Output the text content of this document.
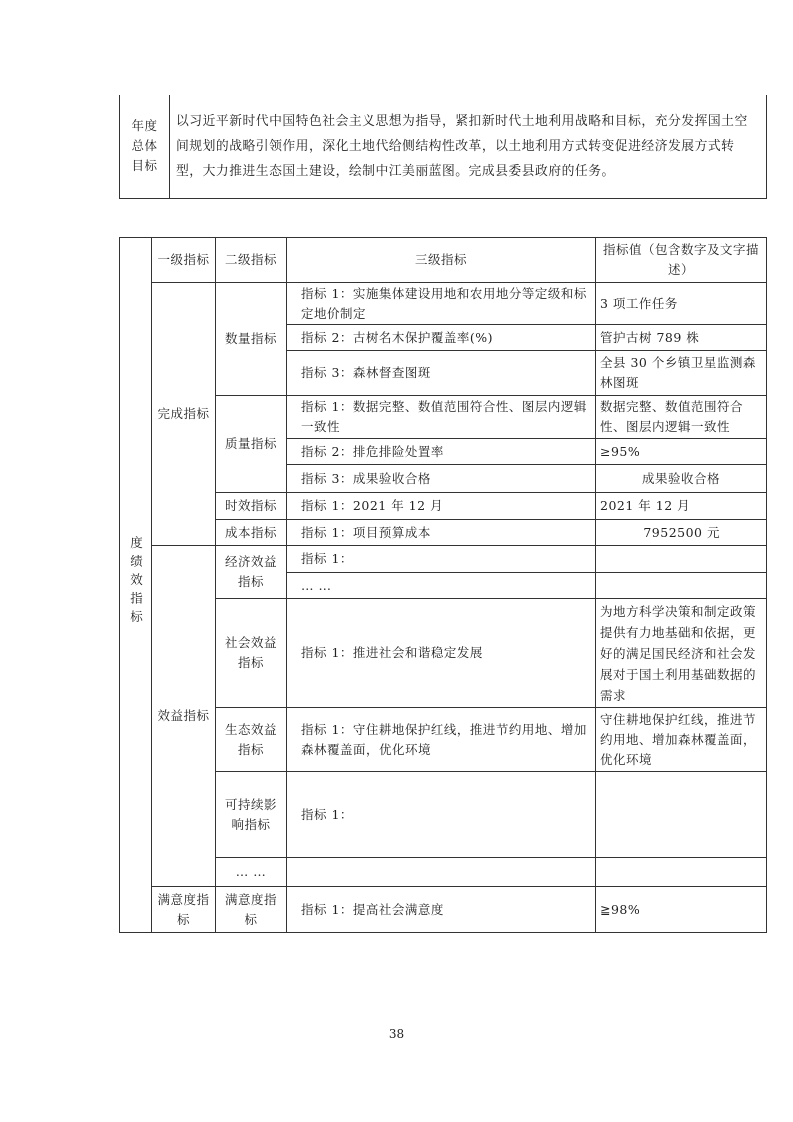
年度
总体
目标	以习近平新时代中国特色社会主义思想为指导，紧扣新时代土地利用战略和目标，充分发挥国土空间规划的战略引领作用，深化土地代给侧结构性改革，以土地利用方式转变促进经济发展方式转型，大力推进生态国土建设，绘制中江美丽蓝图。完成县委县政府的任务。
度绩效指标	一级指标	二级指标	三级指标	指标值（包含数字及文字描述）
	完成指标	数量指标	指标 1：实施集体建设用地和农用地分等定级和标定地价制定	3 项工作任务
			指标 2：古树名木保护覆盖率(%)	管护古树 789 株
			指标 3：森林督查图斑	全县 30 个乡镇卫星监测森林图斑
		质量指标	指标 1：数据完整、数值范围符合性、图层内逻辑一致性	数据完整、数值范围符合性、图层内逻辑一致性
			指标 2：排危排险处置率	≥95%
			指标 3：成果验收合格	成果验收合格
		时效指标	指标 1：2021 年 12 月	2021 年 12 月
		成本指标	指标 1：项目预算成本	7952500 元
	效益指标	经济效益指标	指标 1：	
			… …	
		社会效益指标	指标 1：推进社会和谐稳定发展	为地方科学决策和制定政策提供有力地基础和依据，更好的满足国民经济和社会发展对于国土利用基础数据的需求
		生态效益指标	指标 1：守住耕地保护红线，推进节约用地、增加森林覆盖面，优化环境	守住耕地保护红线，推进节约用地、增加森林覆盖面，优化环境
		可持续影响指标	指标 1：	
		… …		
	满意度指标	满意度指标	指标 1：提高社会满意度	≧98%
38
